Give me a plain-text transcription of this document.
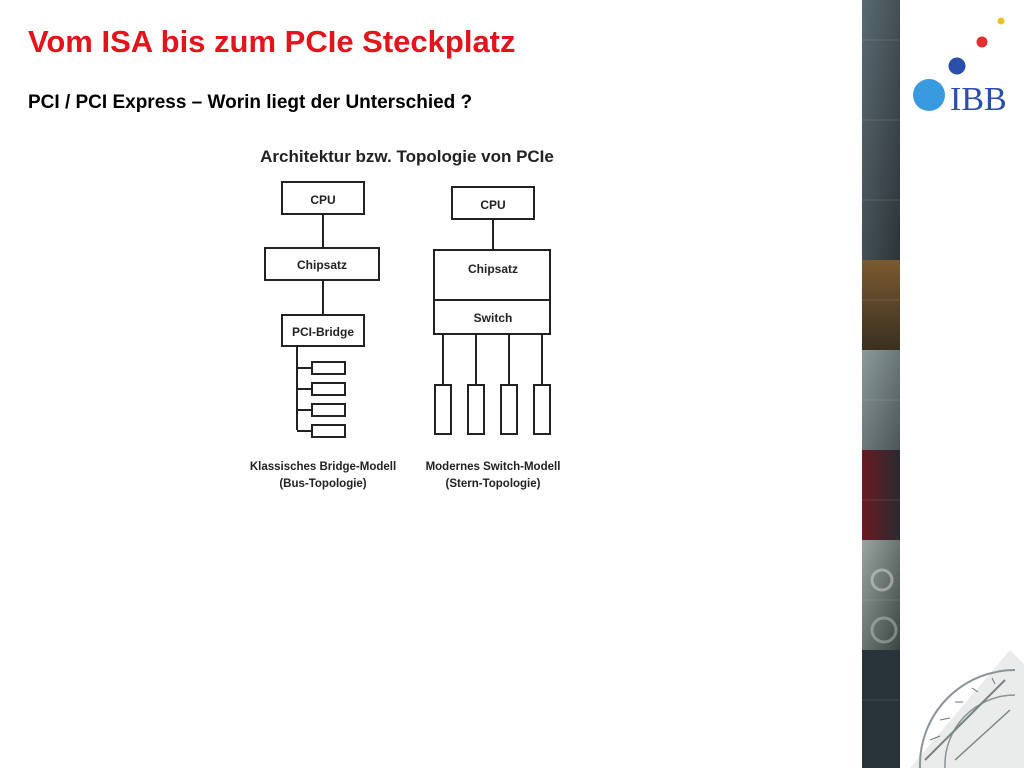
Vom ISA bis zum PCIe Steckplatz
PCI / PCI Express – Worin liegt der Unterschied ?
Architektur bzw. Topologie von PCIe
CPU
Chipsatz
PCI-Bridge
Klassisches Bridge-Modell
(Bus-Topologie)
CPU
Chipsatz
Switch
Modernes Switch-Modell
(Stern-Topologie)
IBB
